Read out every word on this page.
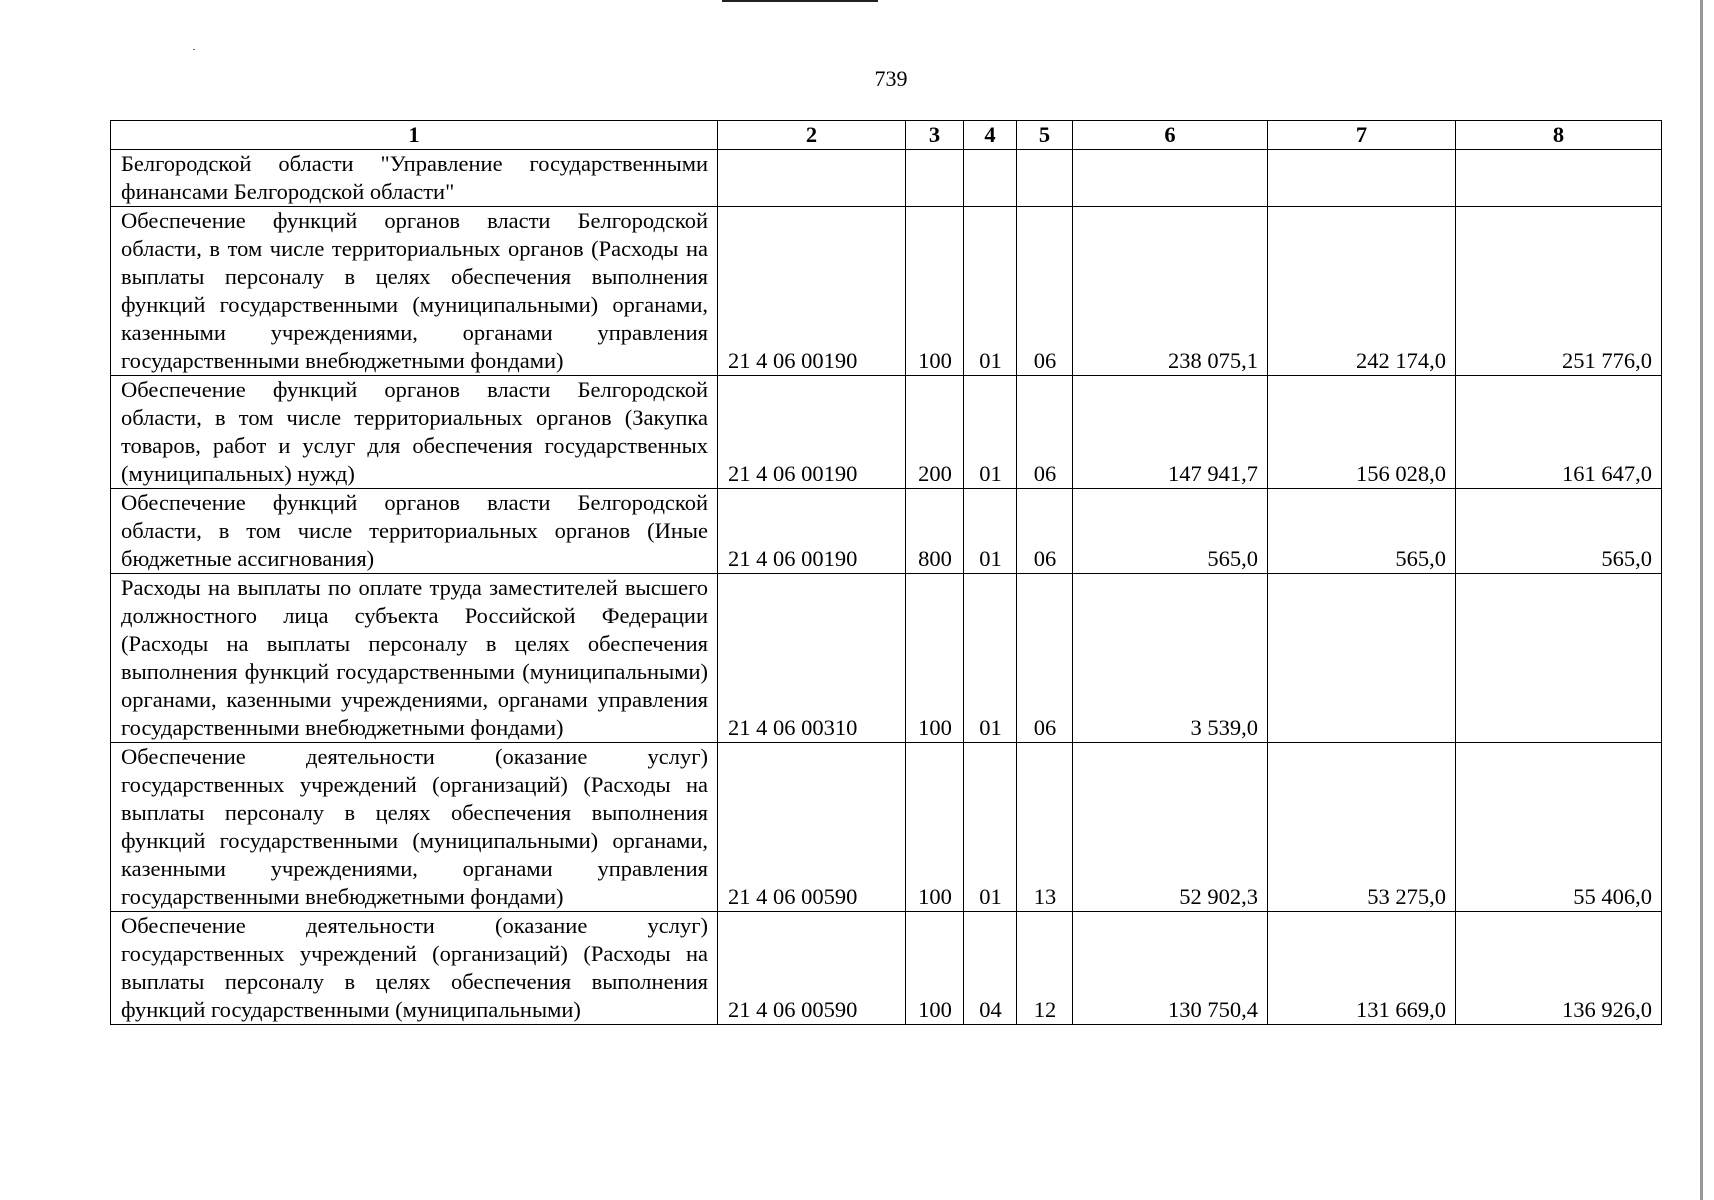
739
1	2	3	4	5	6	7	8
Белгородской области "Управление государственными финансами Белгородской области"							
Обеспечение функций органов власти Белгородской области, в том числе территориальных органов (Расходы на выплаты персоналу в целях обеспечения выполнения функций государственными (муниципальными) органами, казенными учреждениями, органами управления государственными внебюджетными фондами)	21 4 06 00190	100	01	06	238 075,1	242 174,0	251 776,0
Обеспечение функций органов власти Белгородской области, в том числе территориальных органов (Закупка товаров, работ и услуг для обеспечения государственных (муниципальных) нужд)	21 4 06 00190	200	01	06	147 941,7	156 028,0	161 647,0
Обеспечение функций органов власти Белгородской области, в том числе территориальных органов (Иные бюджетные ассигнования)	21 4 06 00190	800	01	06	565,0	565,0	565,0
Расходы на выплаты по оплате труда заместителей высшего должностного лица субъекта Российской Федерации (Расходы на выплаты персоналу в целях обеспечения выполнения функций государственными (муниципальными) органами, казенными учреждениями, органами управления государственными внебюджетными фондами)	21 4 06 00310	100	01	06	3 539,0		
Обеспечение деятельности (оказание услуг) государственных учреждений (организаций) (Расходы на выплаты персоналу в целях обеспечения выполнения функций государственными (муниципальными) органами, казенными учреждениями, органами управления государственными внебюджетными фондами)	21 4 06 00590	100	01	13	52 902,3	53 275,0	55 406,0
Обеспечение деятельности (оказание услуг) государственных учреждений (организаций) (Расходы на выплаты персоналу в целях обеспечения выполнения функций государственными (муниципальными)	21 4 06 00590	100	04	12	130 750,4	131 669,0	136 926,0
